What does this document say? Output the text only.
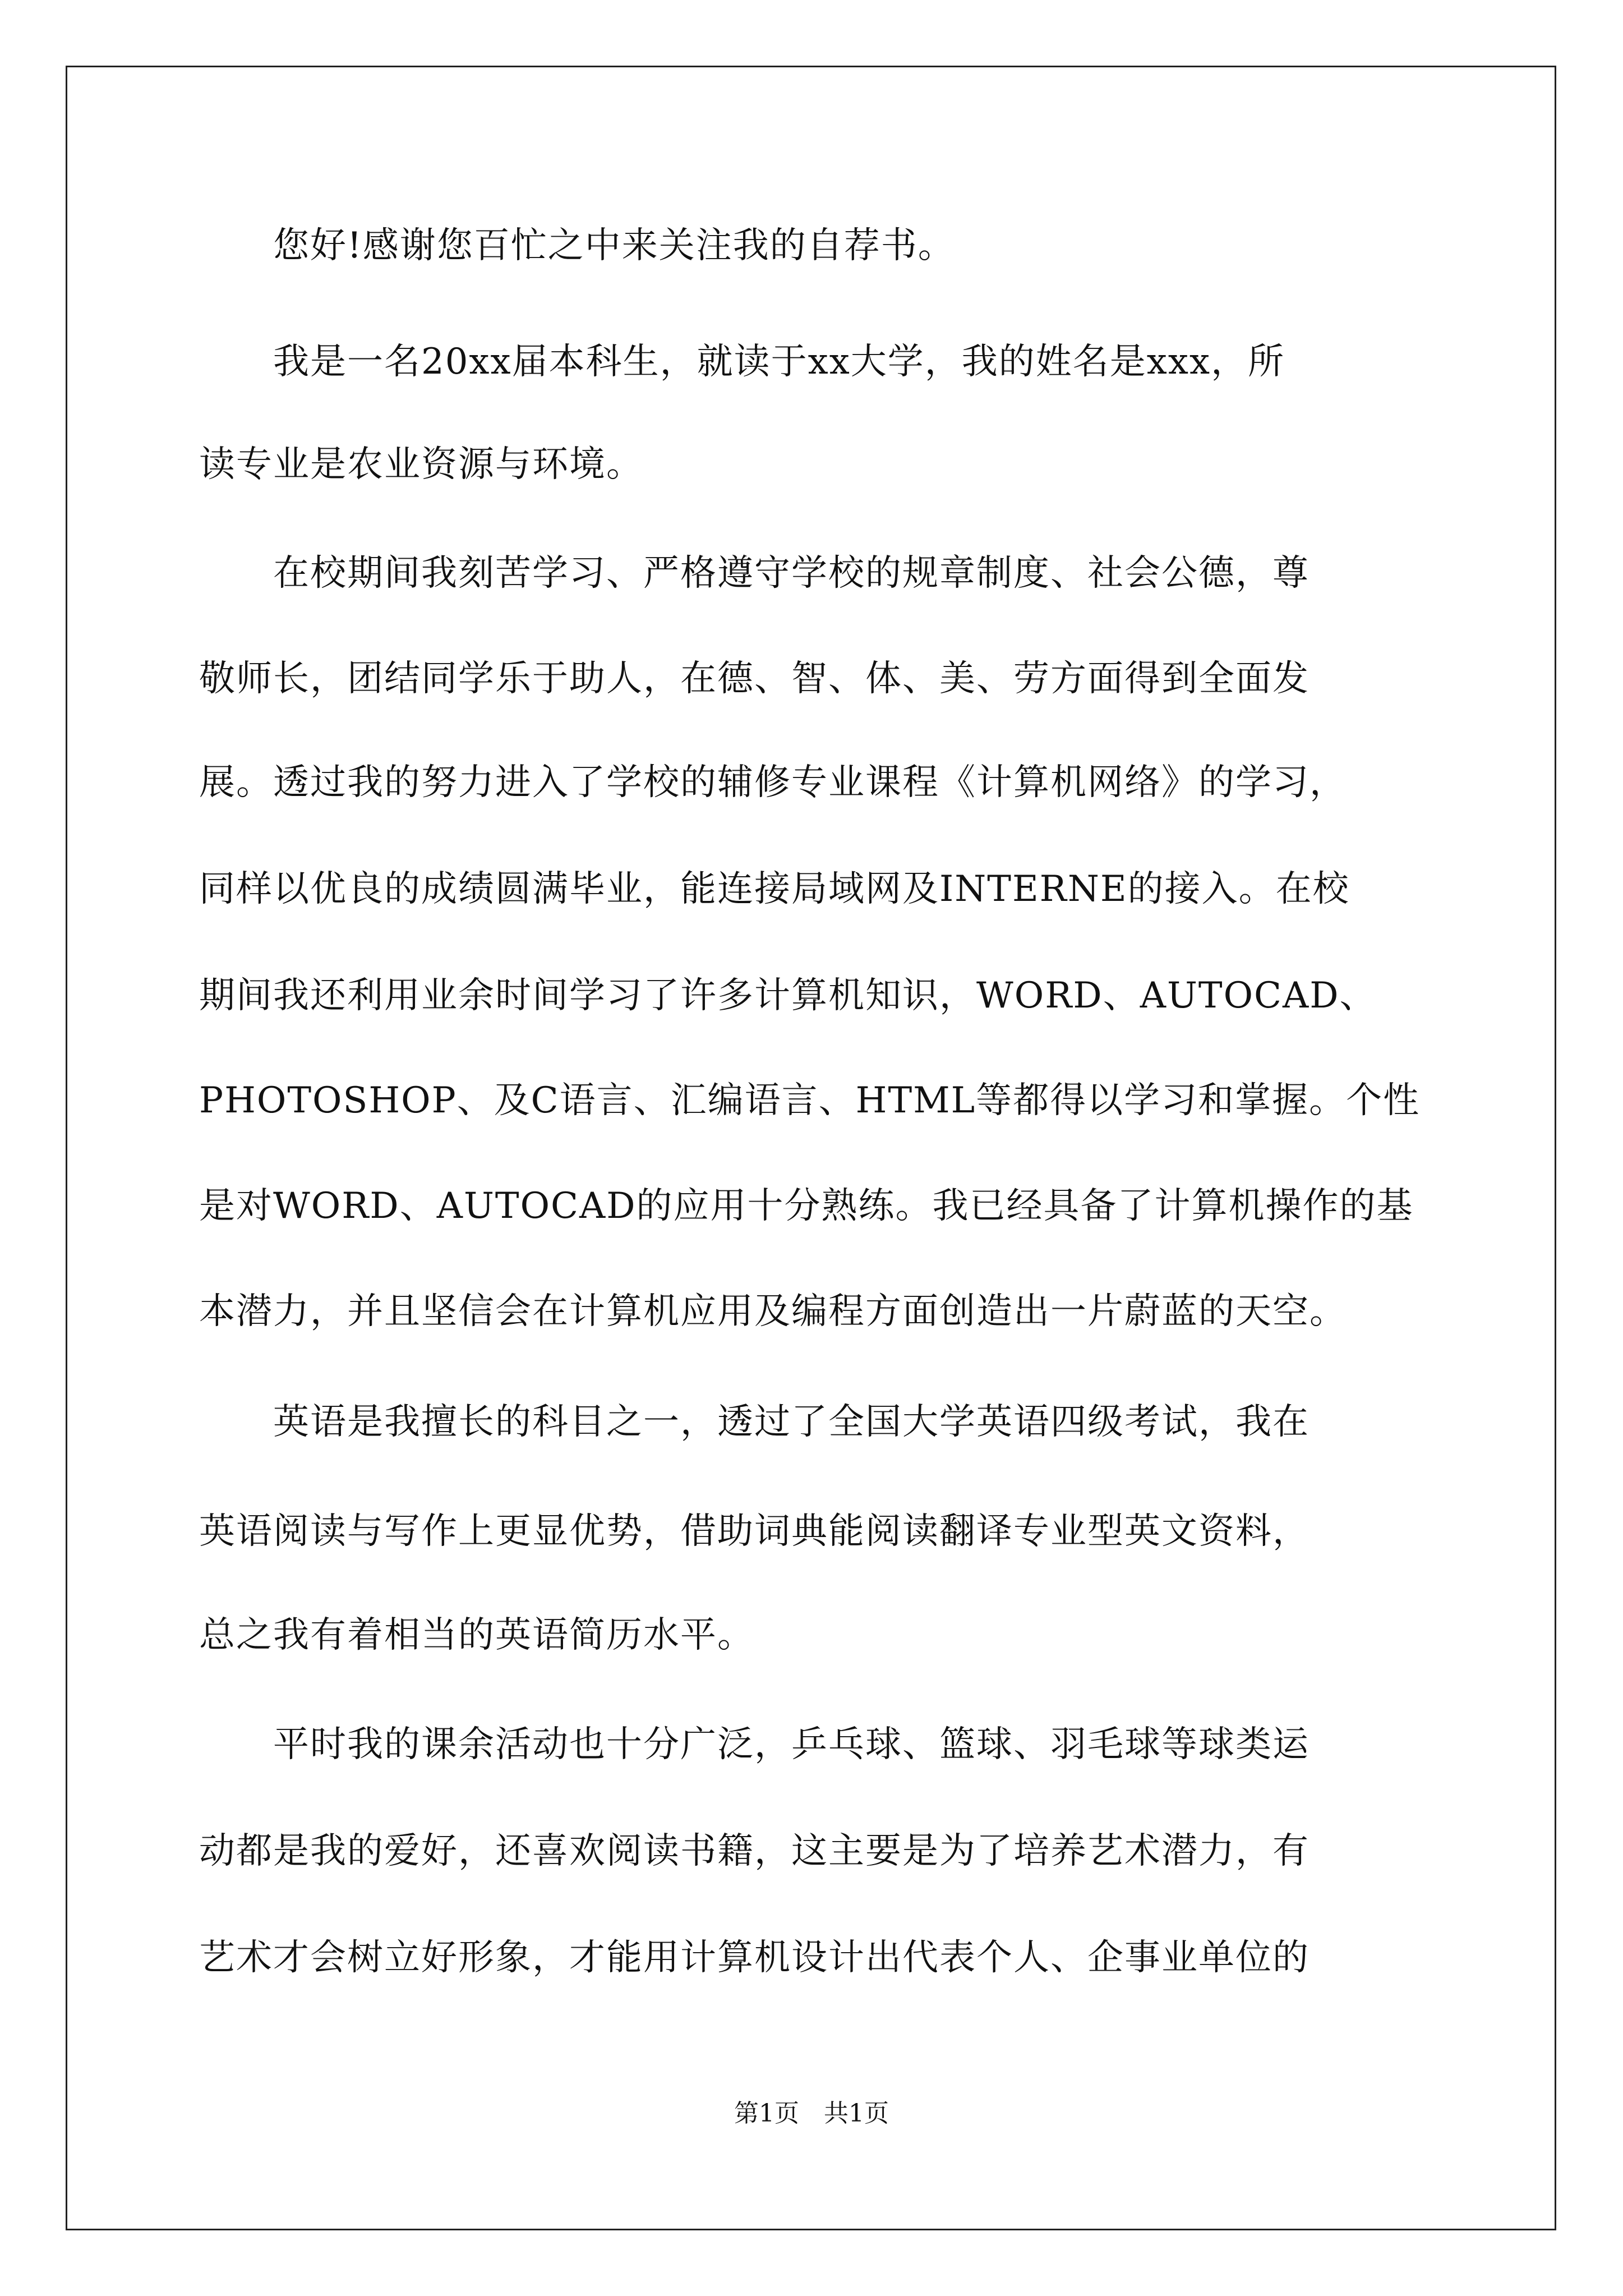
　　您好!感谢您百忙之中来关注我的自荐书。
　　我是一名20xx届本科生，就读于xx大学，我的姓名是xxx，所
读专业是农业资源与环境。
　　在校期间我刻苦学习、严格遵守学校的规章制度、社会公德，尊
敬师长，团结同学乐于助人，在德、智、体、美、劳方面得到全面发
展。透过我的努力进入了学校的辅修专业课程《计算机网络》的学习，
同样以优良的成绩圆满毕业，能连接局域网及INTERNE的接入。在校
期间我还利用业余时间学习了许多计算机知识，WORD、AUTOCAD、
PHOTOSHOP、及C语言、汇编语言、HTML等都得以学习和掌握。个性
是对WORD、AUTOCAD的应用十分熟练。我已经具备了计算机操作的基
本潜力，并且坚信会在计算机应用及编程方面创造出一片蔚蓝的天空。
　　英语是我擅长的科目之一，透过了全国大学英语四级考试，我在
英语阅读与写作上更显优势，借助词典能阅读翻译专业型英文资料，
总之我有着相当的英语简历水平。
　　平时我的课余活动也十分广泛，乒乓球、篮球、羽毛球等球类运
动都是我的爱好，还喜欢阅读书籍，这主要是为了培养艺术潜力，有
艺术才会树立好形象，才能用计算机设计出代表个人、企事业单位的
第1页 共1页
